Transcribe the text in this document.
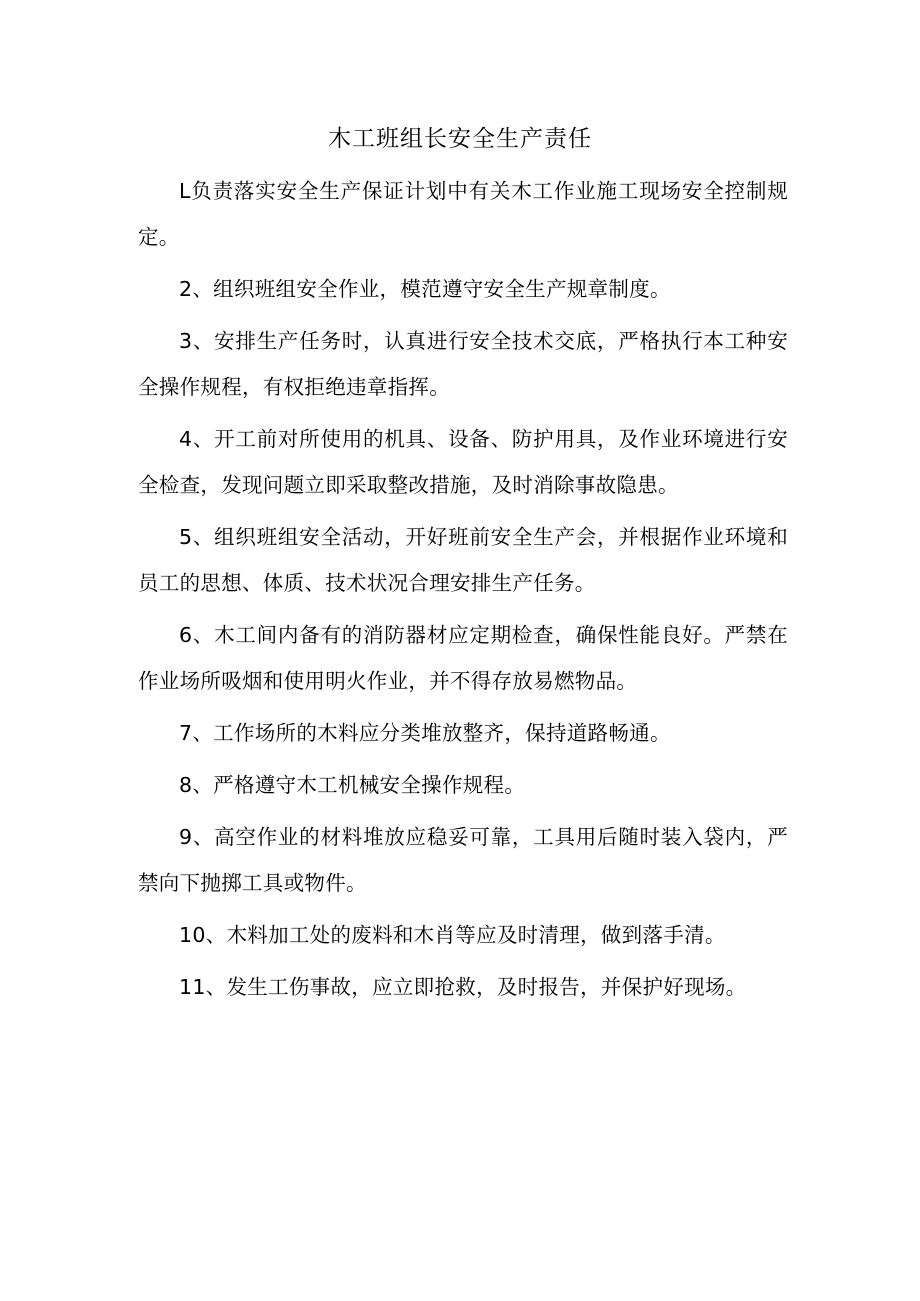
木工班组长安全生产责任

L负责落实安全生产保证计划中有关木工作业施工现场安全控制规定。

2、组织班组安全作业，模范遵守安全生产规章制度。

3、安排生产任务时，认真进行安全技术交底，严格执行本工种安全操作规程，有权拒绝违章指挥。

4、开工前对所使用的机具、设备、防护用具，及作业环境进行安全检查，发现问题立即采取整改措施，及时消除事故隐患。

5、组织班组安全活动，开好班前安全生产会，并根据作业环境和员工的思想、体质、技术状况合理安排生产任务。

6、木工间内备有的消防器材应定期检查，确保性能良好。严禁在作业场所吸烟和使用明火作业，并不得存放易燃物品。

7、工作场所的木料应分类堆放整齐，保持道路畅通。

8、严格遵守木工机械安全操作规程。

9、高空作业的材料堆放应稳妥可靠，工具用后随时装入袋内，严禁向下抛掷工具或物件。

10、木料加工处的废料和木肖等应及时清理，做到落手清。

11、发生工伤事故，应立即抢救，及时报告，并保护好现场。
